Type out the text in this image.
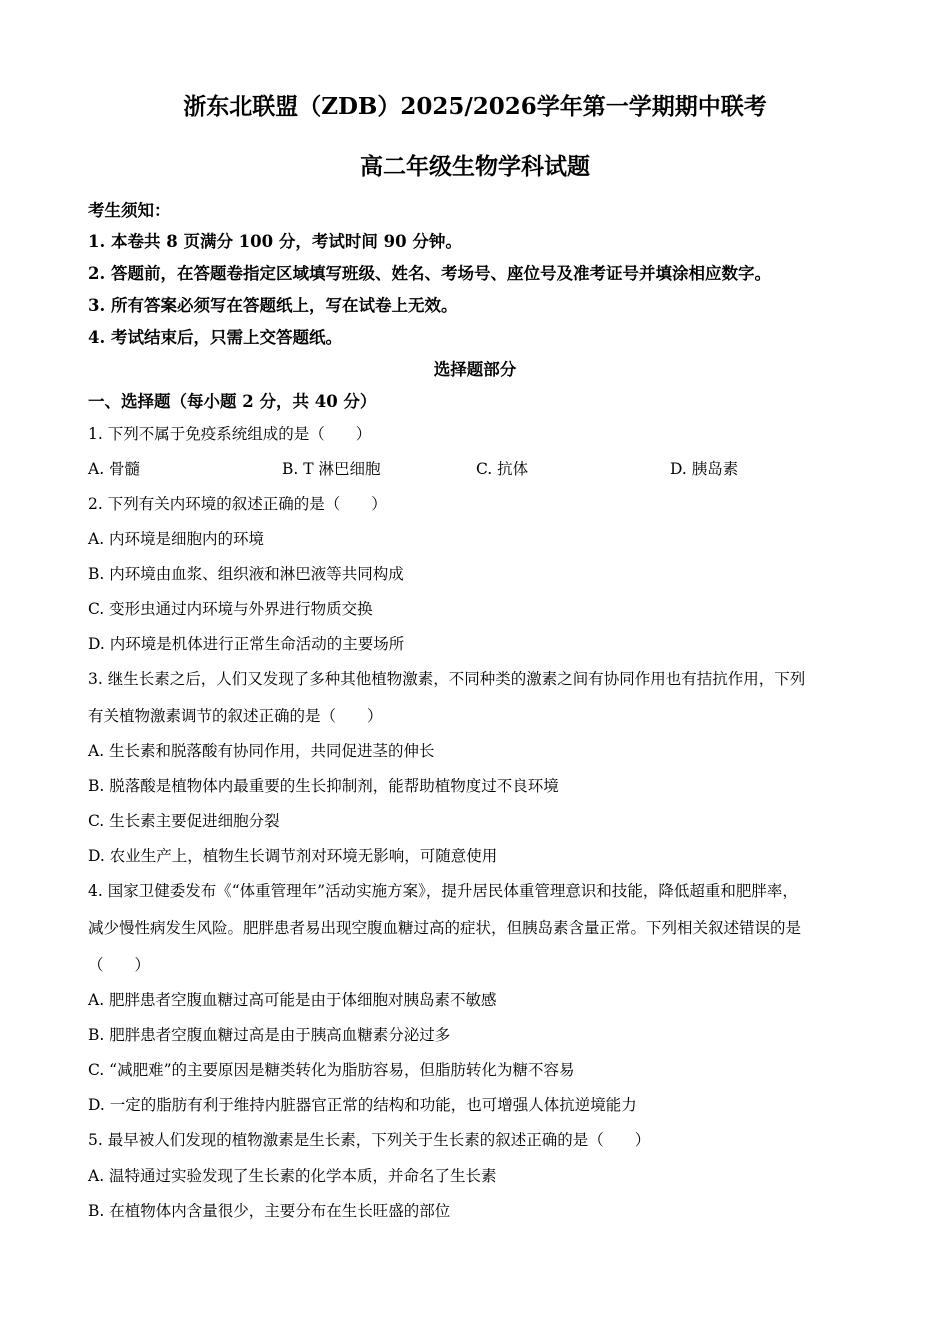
浙东北联盟（ZDB）2025/2026学年第一学期期中联考
高二年级生物学科试题
考生须知：
1. 本卷共 8 页满分 100 分，考试时间 90 分钟。
2. 答题前，在答题卷指定区域填写班级、姓名、考场号、座位号及准考证号并填涂相应数字。
3. 所有答案必须写在答题纸上，写在试卷上无效。
4. 考试结束后，只需上交答题纸。
选择题部分
一、选择题（每小题 2 分，共 40 分）
1. 下列不属于免疫系统组成的是（　　）
A. 骨髓	B. T 淋巴细胞	C. 抗体	D. 胰岛素
2. 下列有关内环境的叙述正确的是（　　）
A. 内环境是细胞内的环境
B. 内环境由血浆、组织液和淋巴液等共同构成
C. 变形虫通过内环境与外界进行物质交换
D. 内环境是机体进行正常生命活动的主要场所
3. 继生长素之后，人们又发现了多种其他植物激素，不同种类的激素之间有协同作用也有拮抗作用，下列
有关植物激素调节的叙述正确的是（　　）
A. 生长素和脱落酸有协同作用，共同促进茎的伸长
B. 脱落酸是植物体内最重要的生长抑制剂，能帮助植物度过不良环境
C. 生长素主要促进细胞分裂
D. 农业生产上，植物生长调节剂对环境无影响，可随意使用
4. 国家卫健委发布《“体重管理年”活动实施方案》，提升居民体重管理意识和技能，降低超重和肥胖率，
减少慢性病发生风险。肥胖患者易出现空腹血糖过高的症状，但胰岛素含量正常。下列相关叙述错误的是
（　　）
A. 肥胖患者空腹血糖过高可能是由于体细胞对胰岛素不敏感
B. 肥胖患者空腹血糖过高是由于胰高血糖素分泌过多
C. “减肥难”的主要原因是糖类转化为脂肪容易，但脂肪转化为糖不容易
D. 一定的脂肪有利于维持内脏器官正常的结构和功能，也可增强人体抗逆境能力
5. 最早被人们发现的植物激素是生长素，下列关于生长素的叙述正确的是（　　）
A. 温特通过实验发现了生长素的化学本质，并命名了生长素
B. 在植物体内含量很少，主要分布在生长旺盛的部位
